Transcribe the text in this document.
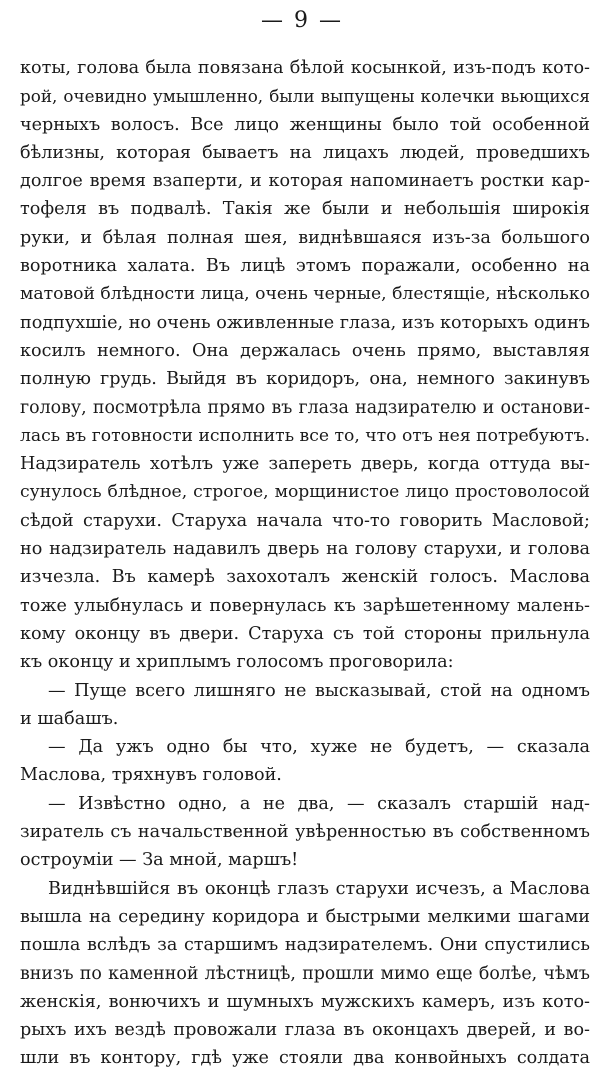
— 9 —
коты, голова была повязана бѣлой косынкой, изъ-подъ кото-
рой, очевидно умышленно, были выпущены колечки вьющихся
черныхъ волосъ. Все лицо женщины было той особенной
бѣлизны, которая бываетъ на лицахъ людей, проведшихъ
долгое время взаперти, и которая напоминаетъ ростки кар-
тофеля въ подвалѣ. Такія же были и небольшія широкія
руки, и бѣлая полная шея, виднѣвшаяся изъ-за большого
воротника халата. Въ лицѣ этомъ поражали, особенно на
матовой блѣдности лица, очень черные, блестящіе, нѣсколько
подпухшіе, но очень оживленные глаза, изъ которыхъ одинъ
косилъ немного. Она держалась очень прямо, выставляя
полную грудь. Выйдя въ коридоръ, она, немного закинувъ
голову, посмотрѣла прямо въ глаза надзирателю и останови-
лась въ готовности исполнить все то, что отъ нея потребуютъ.
Надзиратель хотѣлъ уже запереть дверь, когда оттуда вы-
сунулось блѣдное, строгое, морщинистое лицо простоволосой
сѣдой старухи. Старуха начала что-то говорить Масловой;
но надзиратель надавилъ дверь на голову старухи, и голова
изчезла. Въ камерѣ захохоталъ женскій голосъ. Маслова
тоже улыбнулась и повернулась къ зарѣшетенному малень-
кому оконцу въ двери. Старуха съ той стороны прильнула
къ оконцу и хриплымъ голосомъ проговорила:
— Пуще всего лишняго не высказывай, стой на одномъ
и шабашъ.
— Да ужъ одно бы что, хуже не будетъ, — сказала
Маслова, тряхнувъ головой.
— Извѣстно одно, а не два, — сказалъ старшій над-
зиратель съ начальственной увѣренностью въ собственномъ
остроуміи — За мной, маршъ!
Виднѣвшійся въ оконцѣ глазъ старухи исчезъ, а Маслова
вышла на середину коридора и быстрыми мелкими шагами
пошла вслѣдъ за старшимъ надзирателемъ. Они спустились
внизъ по каменной лѣстницѣ, прошли мимо еще болѣе, чѣмъ
женскія, вонючихъ и шумныхъ мужскихъ камеръ, изъ кото-
рыхъ ихъ вездѣ провожали глаза въ оконцахъ дверей, и во-
шли въ контору, гдѣ уже стояли два конвойныхъ солдата
